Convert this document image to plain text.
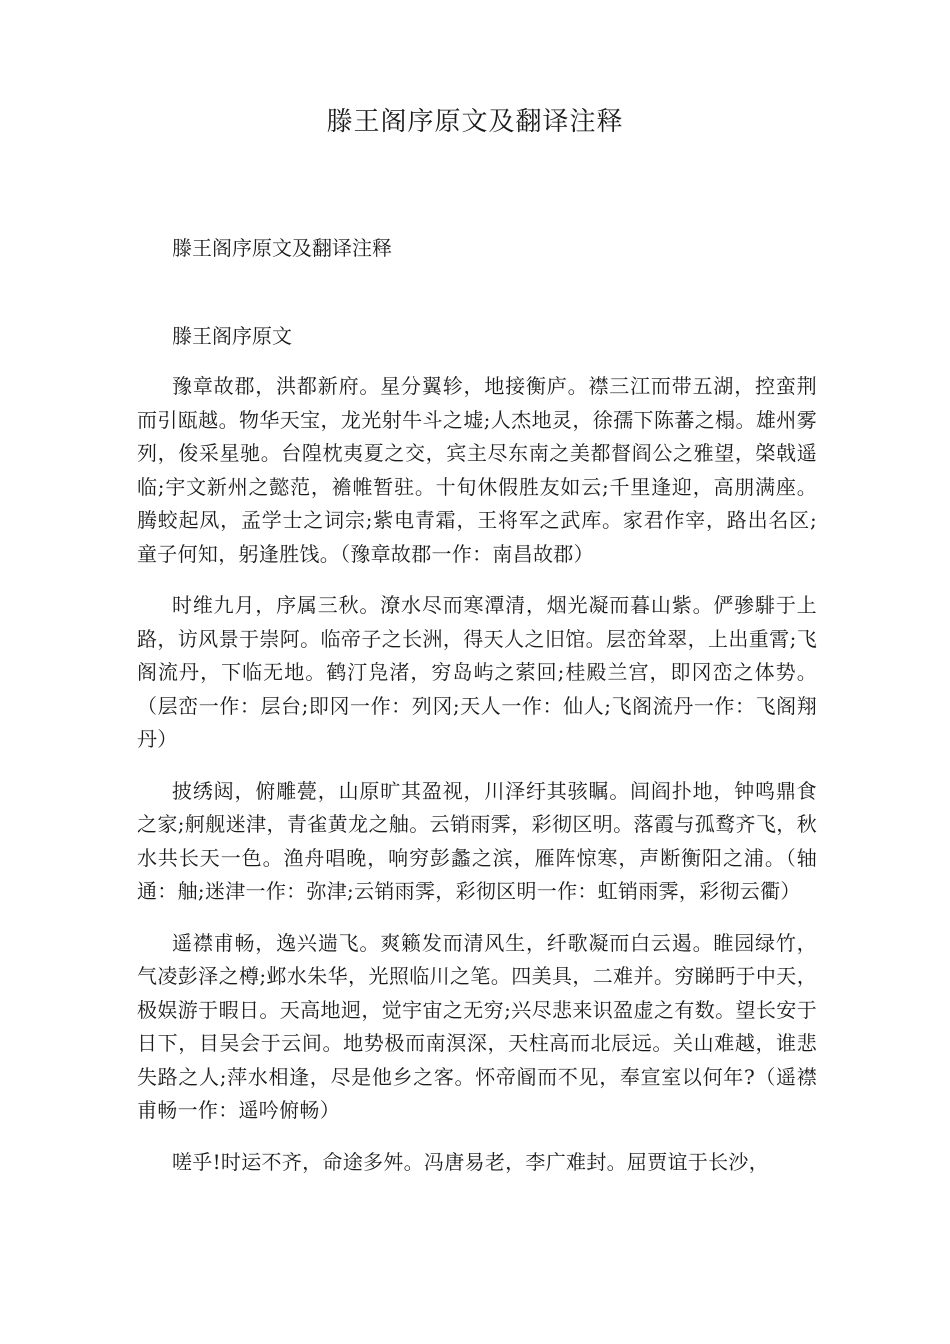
滕王阁序原文及翻译注释
滕王阁序原文及翻译注释
滕王阁序原文

豫章故郡，洪都新府。星分翼轸，地接衡庐。襟三江而带五湖，控蛮荆而引瓯越。物华天宝，龙光射牛斗之墟;人杰地灵，徐孺下陈蕃之榻。雄州雾列，俊采星驰。台隍枕夷夏之交，宾主尽东南之美都督阎公之雅望，棨戟遥临;宇文新州之懿范，襜帷暂驻。十旬休假胜友如云;千里逢迎，高朋满座。腾蛟起凤，孟学士之词宗;紫电青霜，王将军之武库。家君作宰，路出名区;童子何知，躬逢胜饯。（豫章故郡一作：南昌故郡）

时维九月，序属三秋。潦水尽而寒潭清，烟光凝而暮山紫。俨骖騑于上路，访风景于崇阿。临帝子之长洲，得天人之旧馆。层峦耸翠，上出重霄;飞阁流丹，下临无地。鹤汀凫渚，穷岛屿之萦回;桂殿兰宫，即冈峦之体势。（层峦一作：层台;即冈一作：列冈;天人一作：仙人;飞阁流丹一作：飞阁翔丹）

披绣闼，俯雕甍，山原旷其盈视，川泽纡其骇瞩。闾阎扑地，钟鸣鼎食之家;舸舰迷津，青雀黄龙之舳。云销雨霁，彩彻区明。落霞与孤鹜齐飞，秋水共长天一色。渔舟唱晚，响穷彭蠡之滨，雁阵惊寒，声断衡阳之浦。（轴通：舳;迷津一作：弥津;云销雨霁，彩彻区明一作：虹销雨霁，彩彻云衢）

遥襟甫畅，逸兴遄飞。爽籁发而清风生，纤歌凝而白云遏。睢园绿竹，气凌彭泽之樽;邺水朱华，光照临川之笔。四美具，二难并。穷睇眄于中天，极娱游于暇日。天高地迥，觉宇宙之无穷;兴尽悲来识盈虚之有数。望长安于日下，目吴会于云间。地势极而南溟深，天柱高而北辰远。关山难越，谁悲失路之人;萍水相逢，尽是他乡之客。怀帝阍而不见，奉宣室以何年?（遥襟甫畅一作：遥吟俯畅）

嗟乎!时运不齐，命途多舛。冯唐易老，李广难封。屈贾谊于长沙，
